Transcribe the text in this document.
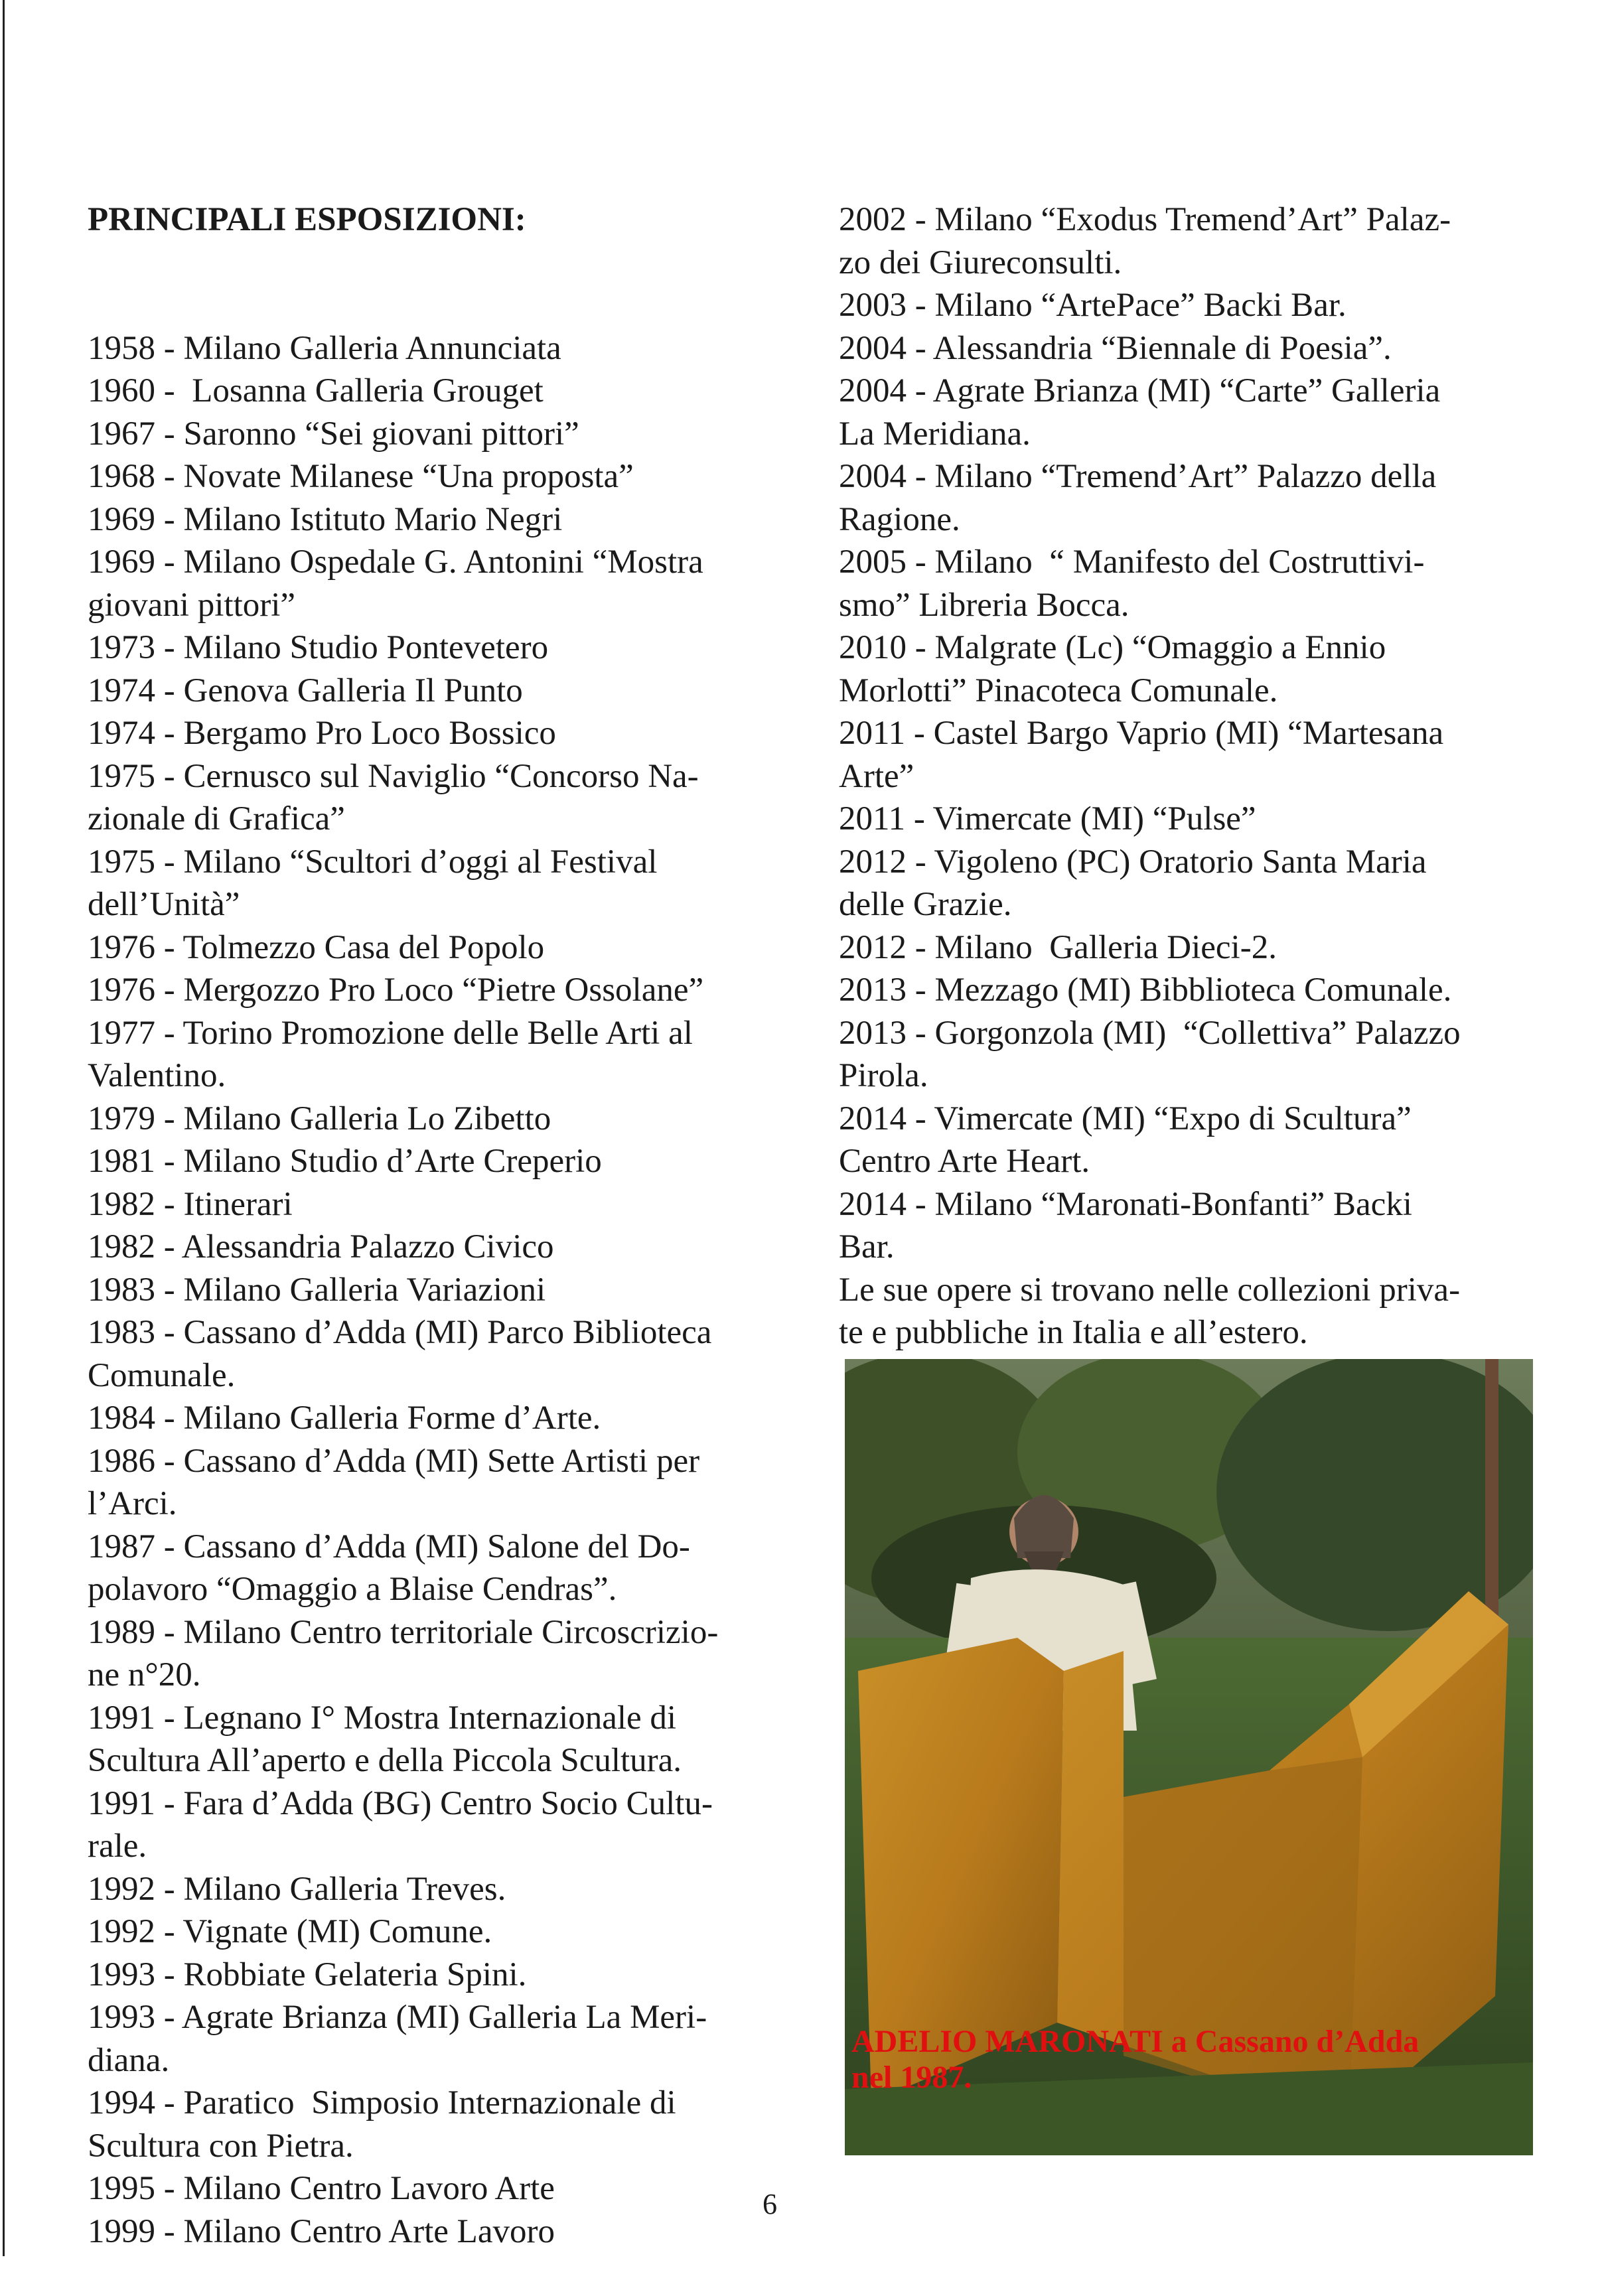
PRINCIPALI ESPOSIZIONI:

1958 - Milano Galleria Annunciata
1960 -  Losanna Galleria Grouget
1967 - Saronno “Sei giovani pittori”
1968 - Novate Milanese “Una proposta”
1969 - Milano Istituto Mario Negri
1969 - Milano Ospedale G. Antonini “Mostra
giovani pittori”
1973 - Milano Studio Pontevetero
1974 - Genova Galleria Il Punto
1974 - Bergamo Pro Loco Bossico
1975 - Cernusco sul Naviglio “Concorso Na-
zionale di Grafica”
1975 - Milano “Scultori d’oggi al Festival
dell’Unità”
1976 - Tolmezzo Casa del Popolo
1976 - Mergozzo Pro Loco “Pietre Ossolane”
1977 - Torino Promozione delle Belle Arti al
Valentino.
1979 - Milano Galleria Lo Zibetto
1981 - Milano Studio d’Arte Creperio
1982 - Itinerari
1982 - Alessandria Palazzo Civico
1983 - Milano Galleria Variazioni
1983 - Cassano d’Adda (MI) Parco Biblioteca
Comunale.
1984 - Milano Galleria Forme d’Arte.
1986 - Cassano d’Adda (MI) Sette Artisti per
l’Arci.
1987 - Cassano d’Adda (MI) Salone del Do-
polavoro “Omaggio a Blaise Cendras”.
1989 - Milano Centro territoriale Circoscrizio-
ne n°20.
1991 - Legnano I° Mostra Internazionale di
Scultura All’aperto e della Piccola Scultura.
1991 - Fara d’Adda (BG) Centro Socio Cultu-
rale.
1992 - Milano Galleria Treves.
1992 - Vignate (MI) Comune.
1993 - Robbiate Gelateria Spini.
1993 - Agrate Brianza (MI) Galleria La Meri-
diana.
1994 - Paratico  Simposio Internazionale di
Scultura con Pietra.
1995 - Milano Centro Lavoro Arte
1999 - Milano Centro Arte Lavoro

2002 - Milano “Exodus Tremend’Art” Palaz-
zo dei Giureconsulti.
2003 - Milano “ArtePace” Backi Bar.
2004 - Alessandria “Biennale di Poesia”.
2004 - Agrate Brianza (MI) “Carte” Galleria
La Meridiana.
2004 - Milano “Tremend’Art” Palazzo della
Ragione.
2005 - Milano  “ Manifesto del Costruttivi-
smo” Libreria Bocca.
2010 - Malgrate (Lc) “Omaggio a Ennio
Morlotti” Pinacoteca Comunale.
2011 - Castel Bargo Vaprio (MI) “Martesana
Arte”
2011 - Vimercate (MI) “Pulse”
2012 - Vigoleno (PC) Oratorio Santa Maria
delle Grazie.
2012 - Milano  Galleria Dieci-2.
2013 - Mezzago (MI) Bibblioteca Comunale.
2013 - Gorgonzola (MI)  “Collettiva” Palazzo
Pirola.
2014 - Vimercate (MI) “Expo di Scultura”
Centro Arte Heart.
2014 - Milano “Maronati-Bonfanti” Backi
Bar.
Le sue opere si trovano nelle collezioni priva-
te e pubbliche in Italia e all’estero.

ADELIO MARONATI a Cassano d’Adda
nel 1987.
6
